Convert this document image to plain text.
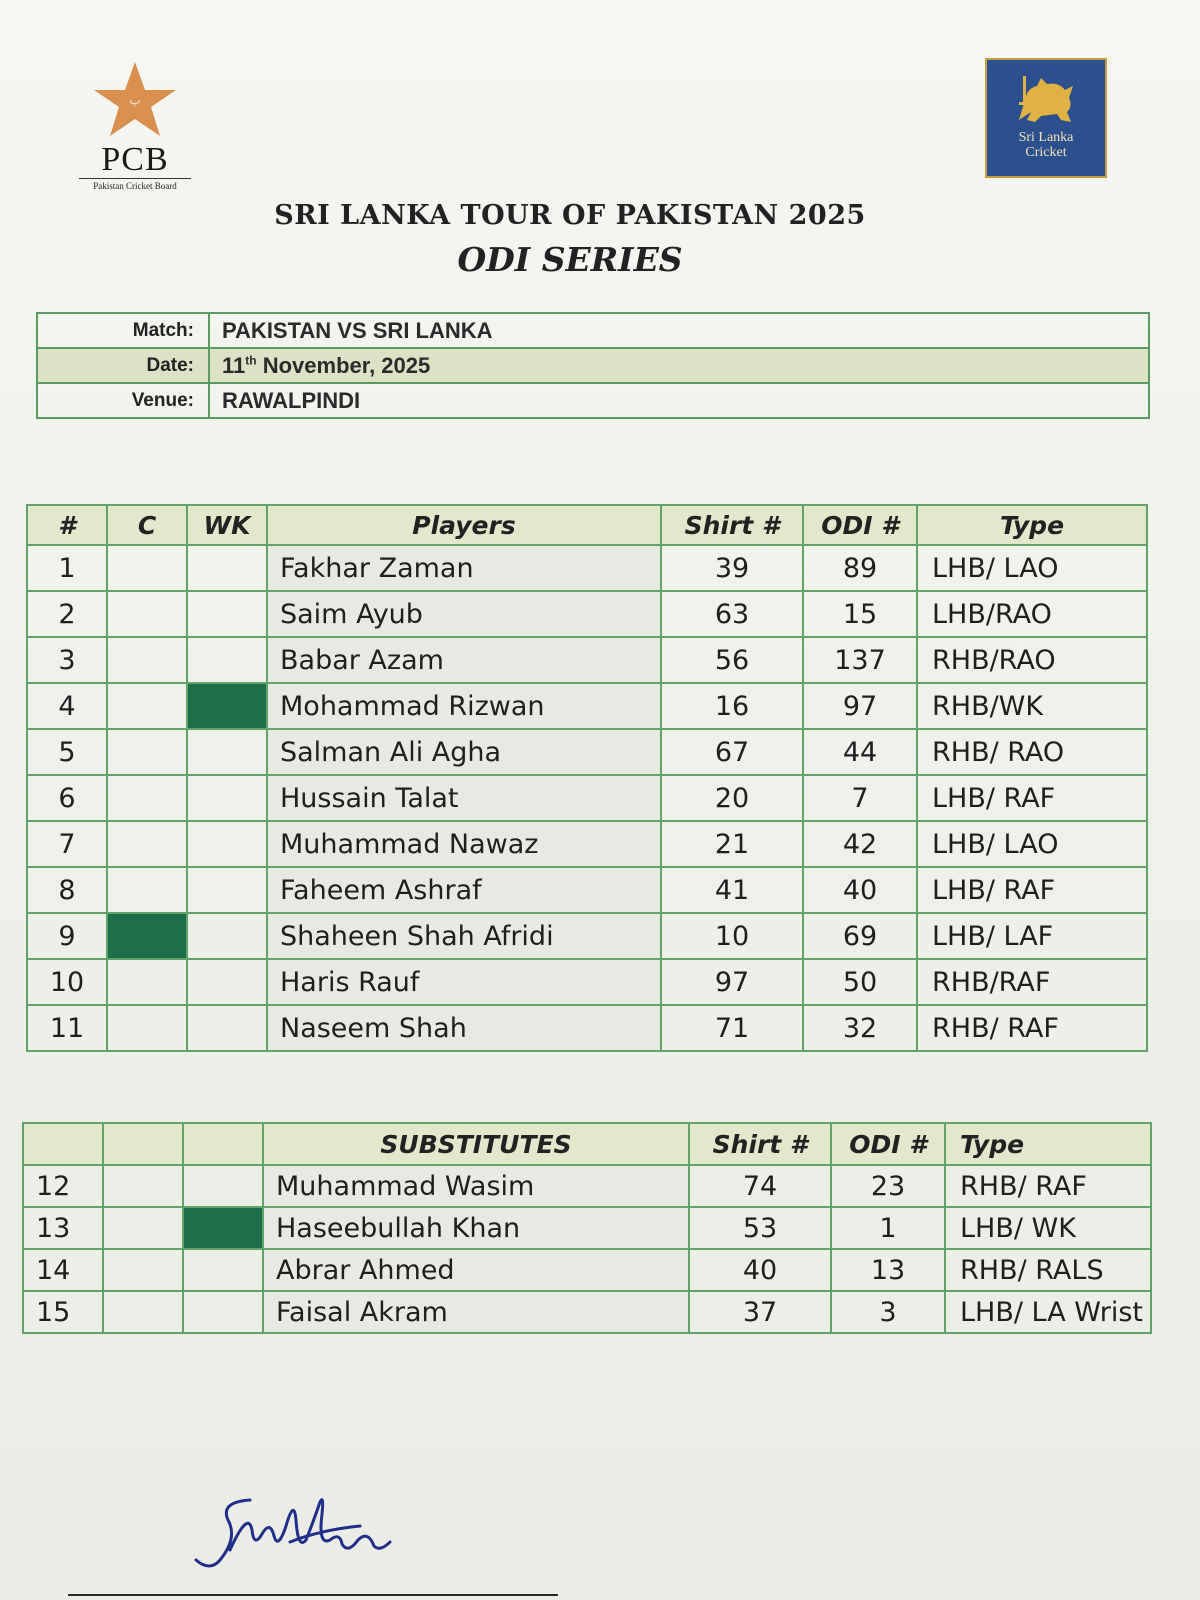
پ
PCB
Pakistan Cricket Board
Sri Lanka
Cricket
SRI LANKA TOUR OF PAKISTAN 2025
ODI SERIES
Match:	PAKISTAN VS SRI LANKA
Date:	11th November, 2025
Venue:	RAWALPINDI
#	C	WK	Players	Shirt #	ODI #	Type
1			Fakhar Zaman	39	89	LHB/ LAO
2			Saim Ayub	63	15	LHB/RAO
3			Babar Azam	56	137	RHB/RAO
4			Mohammad Rizwan	16	97	RHB/WK
5			Salman Ali Agha	67	44	RHB/ RAO
6			Hussain Talat	20	7	LHB/ RAF
7			Muhammad Nawaz	21	42	LHB/ LAO
8			Faheem Ashraf	41	40	LHB/ RAF
9			Shaheen Shah Afridi	10	69	LHB/ LAF
10			Haris Rauf	97	50	RHB/RAF
11			Naseem Shah	71	32	RHB/ RAF
			SUBSTITUTES	Shirt #	ODI #	Type
12			Muhammad Wasim	74	23	RHB/ RAF
13			Haseebullah Khan	53	1	LHB/ WK
14			Abrar Ahmed	40	13	RHB/ RALS
15			Faisal Akram	37	3	LHB/ LA Wrist
